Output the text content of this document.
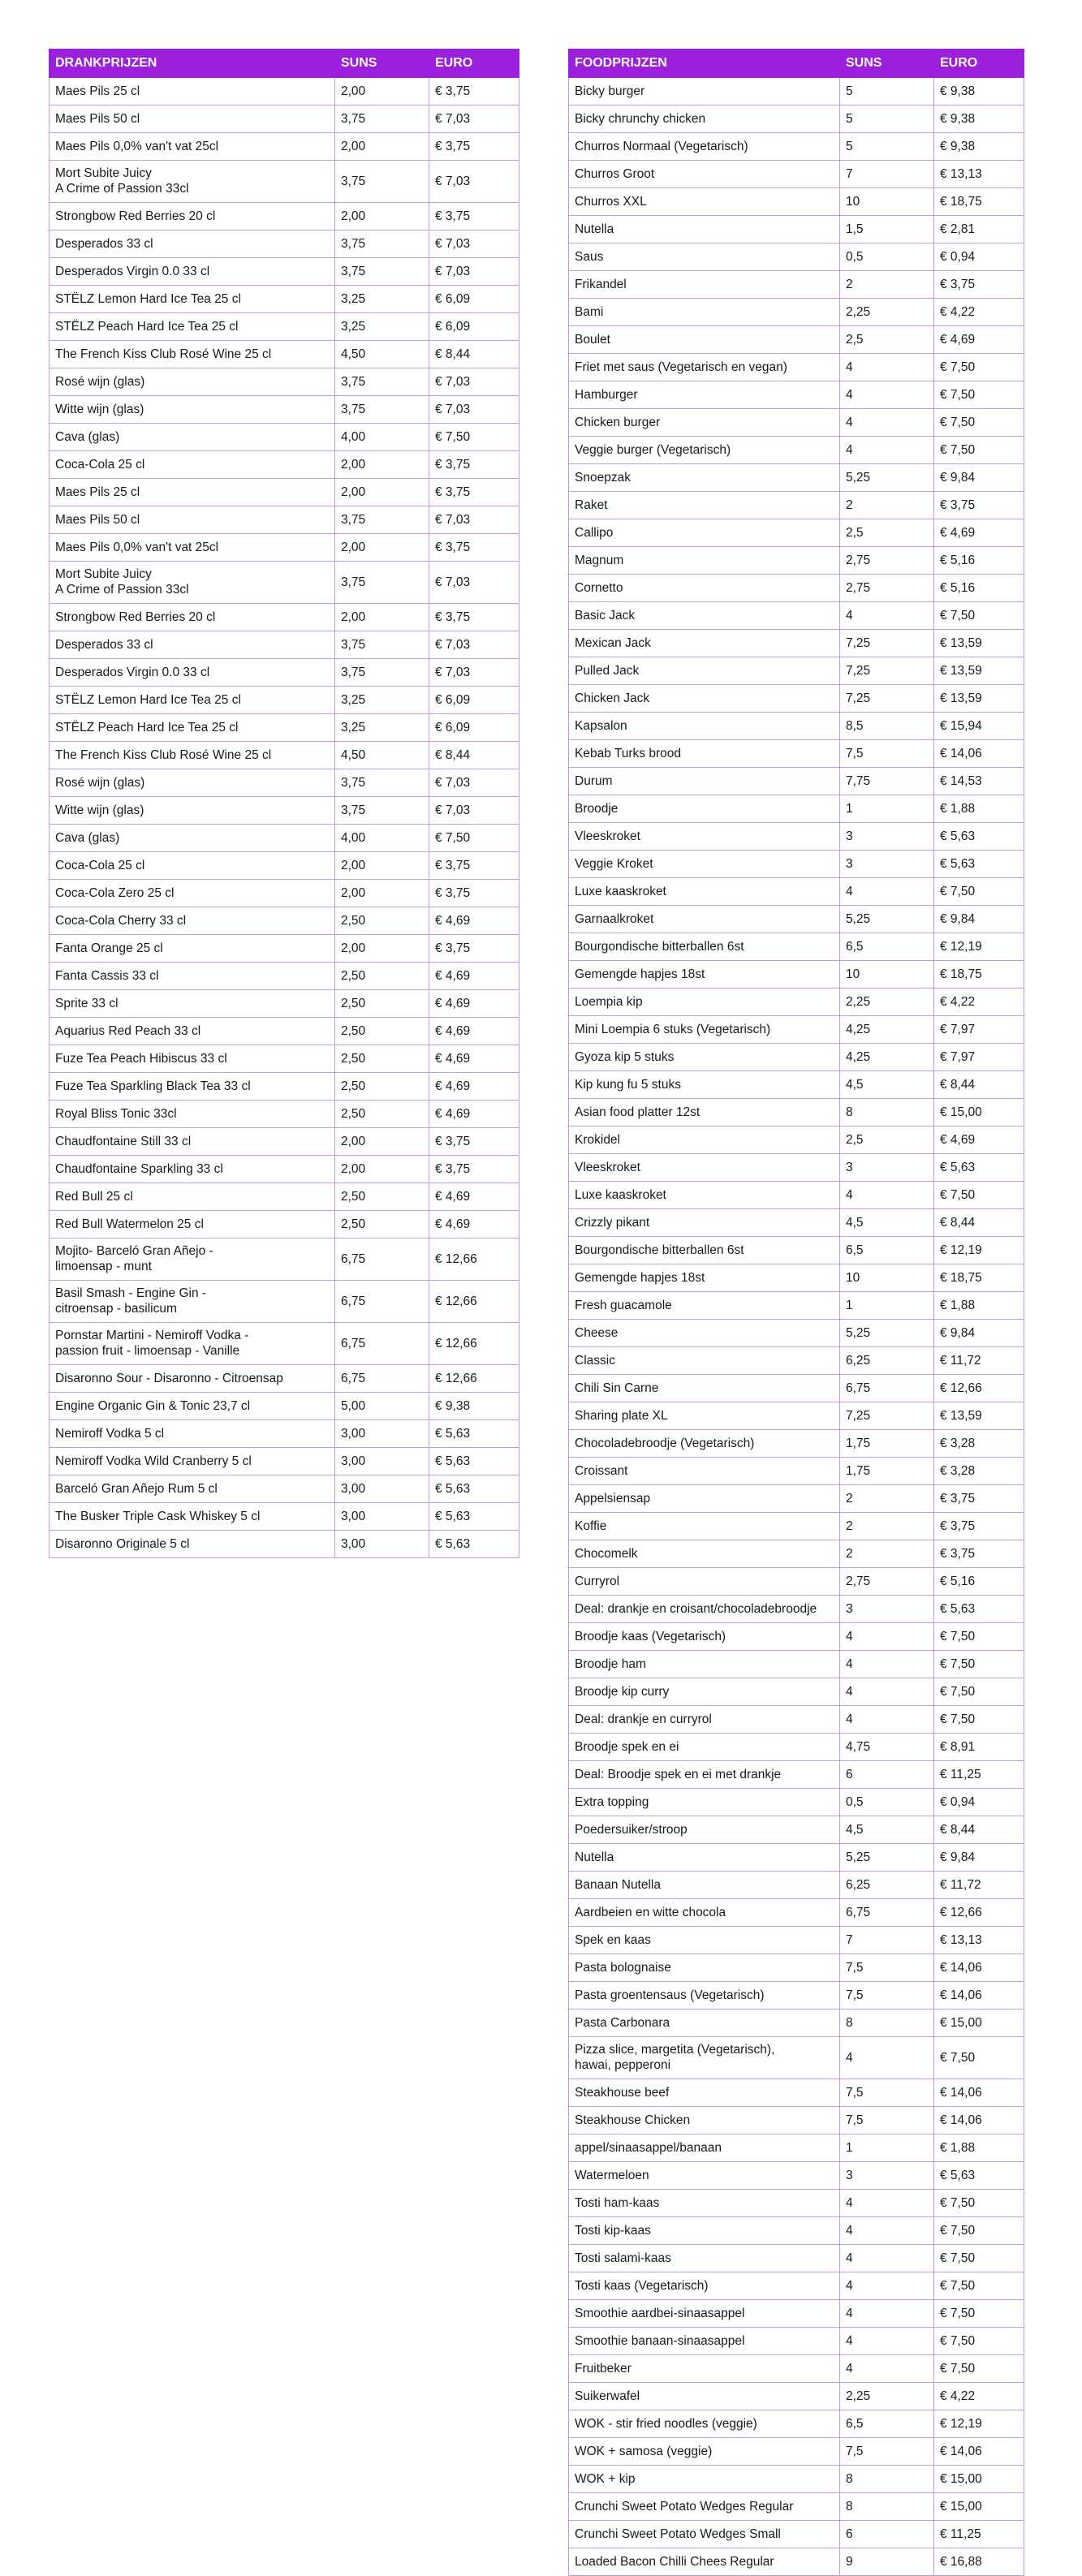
DRANKPRIJZEN	SUNS	EURO
Maes Pils 25 cl	2,00	€ 3,75
Maes Pils 50 cl	3,75	€ 7,03
Maes Pils 0,0% van't vat 25cl	2,00	€ 3,75
Mort Subite Juicy
A Crime of Passion 33cl	3,75	€ 7,03
Strongbow Red Berries 20 cl	2,00	€ 3,75
Desperados 33 cl	3,75	€ 7,03
Desperados Virgin 0.0 33 cl	3,75	€ 7,03
STËLZ Lemon Hard Ice Tea 25 cl	3,25	€ 6,09
STËLZ Peach Hard Ice Tea 25 cl	3,25	€ 6,09
The French Kiss Club Rosé Wine 25 cl	4,50	€ 8,44
Rosé wijn (glas)	3,75	€ 7,03
Witte wijn (glas)	3,75	€ 7,03
Cava (glas)	4,00	€ 7,50
Coca-Cola 25 cl	2,00	€ 3,75
Maes Pils 25 cl	2,00	€ 3,75
Maes Pils 50 cl	3,75	€ 7,03
Maes Pils 0,0% van't vat 25cl	2,00	€ 3,75
Mort Subite Juicy
A Crime of Passion 33cl	3,75	€ 7,03
Strongbow Red Berries 20 cl	2,00	€ 3,75
Desperados 33 cl	3,75	€ 7,03
Desperados Virgin 0.0 33 cl	3,75	€ 7,03
STËLZ Lemon Hard Ice Tea 25 cl	3,25	€ 6,09
STËLZ Peach Hard Ice Tea 25 cl	3,25	€ 6,09
The French Kiss Club Rosé Wine 25 cl	4,50	€ 8,44
Rosé wijn (glas)	3,75	€ 7,03
Witte wijn (glas)	3,75	€ 7,03
Cava (glas)	4,00	€ 7,50
Coca-Cola 25 cl	2,00	€ 3,75
Coca-Cola Zero 25 cl	2,00	€ 3,75
Coca-Cola Cherry 33 cl	2,50	€ 4,69
Fanta Orange 25 cl	2,00	€ 3,75
Fanta Cassis 33 cl	2,50	€ 4,69
Sprite 33 cl	2,50	€ 4,69
Aquarius Red Peach 33 cl	2,50	€ 4,69
Fuze Tea Peach Hibiscus 33 cl	2,50	€ 4,69
Fuze Tea Sparkling Black Tea 33 cl	2,50	€ 4,69
Royal Bliss Tonic 33cl	2,50	€ 4,69
Chaudfontaine Still 33 cl	2,00	€ 3,75
Chaudfontaine Sparkling 33 cl	2,00	€ 3,75
Red Bull 25 cl	2,50	€ 4,69
Red Bull Watermelon 25 cl	2,50	€ 4,69
Mojito- Barceló Gran Añejo -
limoensap - munt	6,75	€ 12,66
Basil Smash - Engine Gin -
citroensap - basilicum	6,75	€ 12,66
Pornstar Martini - Nemiroff Vodka -
passion fruit - limoensap - Vanille	6,75	€ 12,66
Disaronno Sour - Disaronno - Citroensap	6,75	€ 12,66
Engine Organic Gin & Tonic 23,7 cl	5,00	€ 9,38
Nemiroff Vodka 5 cl	3,00	€ 5,63
Nemiroff Vodka Wild Cranberry 5 cl	3,00	€ 5,63
Barceló Gran Añejo Rum 5 cl	3,00	€ 5,63
The Busker Triple Cask Whiskey 5 cl	3,00	€ 5,63
Disaronno Originale 5 cl	3,00	€ 5,63
FOODPRIJZEN	SUNS	EURO
Bicky burger	5	€ 9,38
Bicky chrunchy chicken	5	€ 9,38
Churros Normaal (Vegetarisch)	5	€ 9,38
Churros Groot	7	€ 13,13
Churros XXL	10	€ 18,75
Nutella	1,5	€ 2,81
Saus	0,5	€ 0,94
Frikandel	2	€ 3,75
Bami	2,25	€ 4,22
Boulet	2,5	€ 4,69
Friet met saus (Vegetarisch en vegan)	4	€ 7,50
Hamburger	4	€ 7,50
Chicken burger	4	€ 7,50
Veggie burger (Vegetarisch)	4	€ 7,50
Snoepzak	5,25	€ 9,84
Raket	2	€ 3,75
Callipo	2,5	€ 4,69
Magnum	2,75	€ 5,16
Cornetto	2,75	€ 5,16
Basic Jack	4	€ 7,50
Mexican Jack	7,25	€ 13,59
Pulled Jack	7,25	€ 13,59
Chicken Jack	7,25	€ 13,59
Kapsalon	8,5	€ 15,94
Kebab Turks brood	7,5	€ 14,06
Durum	7,75	€ 14,53
Broodje	1	€ 1,88
Vleeskroket	3	€ 5,63
Veggie Kroket	3	€ 5,63
Luxe kaaskroket	4	€ 7,50
Garnaalkroket	5,25	€ 9,84
Bourgondische bitterballen 6st	6,5	€ 12,19
Gemengde hapjes 18st	10	€ 18,75
Loempia kip	2,25	€ 4,22
Mini Loempia 6 stuks (Vegetarisch)	4,25	€ 7,97
Gyoza kip 5 stuks	4,25	€ 7,97
Kip kung fu 5 stuks	4,5	€ 8,44
Asian food platter 12st	8	€ 15,00
Krokidel	2,5	€ 4,69
Vleeskroket	3	€ 5,63
Luxe kaaskroket	4	€ 7,50
Crizzly pikant	4,5	€ 8,44
Bourgondische bitterballen 6st	6,5	€ 12,19
Gemengde hapjes 18st	10	€ 18,75
Fresh guacamole	1	€ 1,88
Cheese	5,25	€ 9,84
Classic	6,25	€ 11,72
Chili Sin Carne	6,75	€ 12,66
Sharing plate XL	7,25	€ 13,59
Chocoladebroodje (Vegetarisch)	1,75	€ 3,28
Croissant	1,75	€ 3,28
Appelsiensap	2	€ 3,75
Koffie	2	€ 3,75
Chocomelk	2	€ 3,75
Curryrol	2,75	€ 5,16
Deal: drankje en croisant/chocoladebroodje	3	€ 5,63
Broodje kaas (Vegetarisch)	4	€ 7,50
Broodje ham	4	€ 7,50
Broodje kip curry	4	€ 7,50
Deal: drankje en curryrol	4	€ 7,50
Broodje spek en ei	4,75	€ 8,91
Deal: Broodje spek en ei met drankje	6	€ 11,25
Extra topping	0,5	€ 0,94
Poedersuiker/stroop	4,5	€ 8,44
Nutella	5,25	€ 9,84
Banaan Nutella	6,25	€ 11,72
Aardbeien en witte chocola	6,75	€ 12,66
Spek en kaas	7	€ 13,13
Pasta bolognaise	7,5	€ 14,06
Pasta groentensaus (Vegetarisch)	7,5	€ 14,06
Pasta Carbonara	8	€ 15,00
Pizza slice, margetita (Vegetarisch),
hawai, pepperoni	4	€ 7,50
Steakhouse beef	7,5	€ 14,06
Steakhouse Chicken	7,5	€ 14,06
appel/sinaasappel/banaan	1	€ 1,88
Watermeloen	3	€ 5,63
Tosti ham-kaas	4	€ 7,50
Tosti kip-kaas	4	€ 7,50
Tosti salami-kaas	4	€ 7,50
Tosti kaas (Vegetarisch)	4	€ 7,50
Smoothie aardbei-sinaasappel	4	€ 7,50
Smoothie banaan-sinaasappel	4	€ 7,50
Fruitbeker	4	€ 7,50
Suikerwafel	2,25	€ 4,22
WOK - stir fried noodles (veggie)	6,5	€ 12,19
WOK + samosa (veggie)	7,5	€ 14,06
WOK + kip	8	€ 15,00
Crunchi Sweet Potato Wedges Regular	8	€ 15,00
Crunchi Sweet Potato Wedges Small	6	€ 11,25
Loaded Bacon Chilli Chees Regular	9	€ 16,88
